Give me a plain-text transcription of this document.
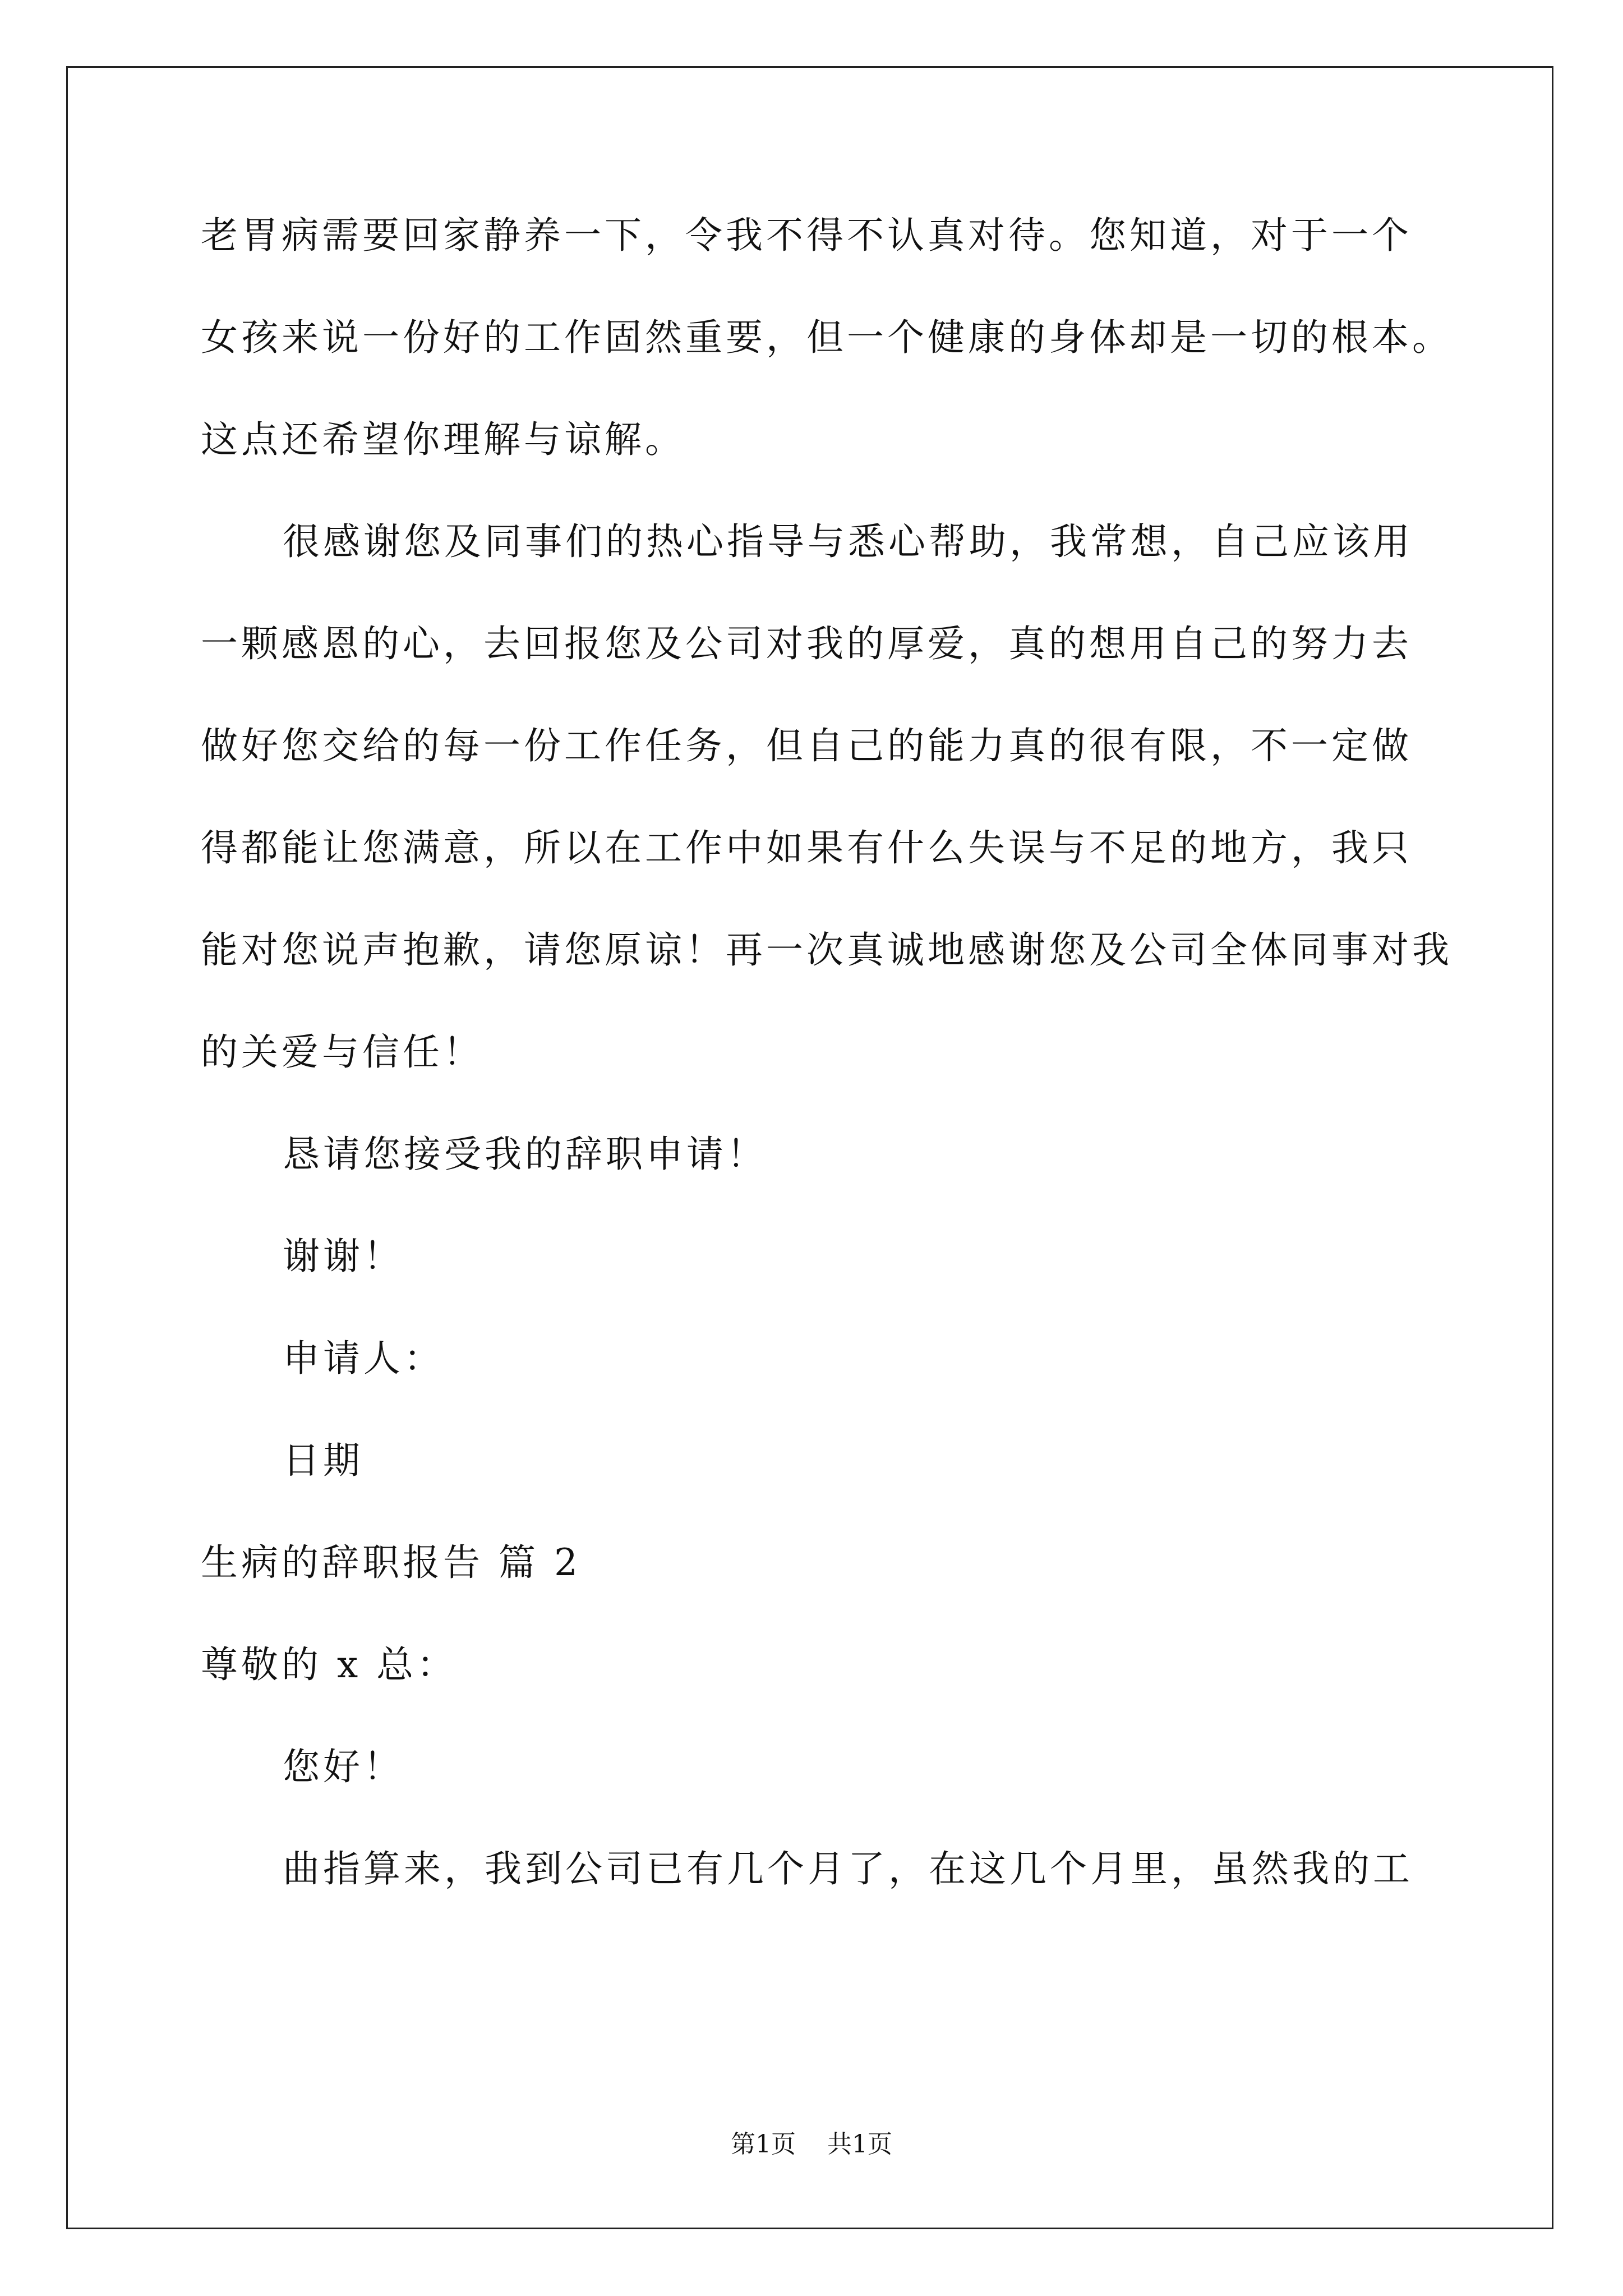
老胃病需要回家静养一下，令我不得不认真对待。您知道，对于一个
女孩来说一份好的工作固然重要，但一个健康的身体却是一切的根本。
这点还希望你理解与谅解。
很感谢您及同事们的热心指导与悉心帮助，我常想，自己应该用
一颗感恩的心，去回报您及公司对我的厚爱，真的想用自己的努力去
做好您交给的每一份工作任务，但自己的能力真的很有限，不一定做
得都能让您满意，所以在工作中如果有什么失误与不足的地方，我只
能对您说声抱歉，请您原谅！再一次真诚地感谢您及公司全体同事对我
的关爱与信任！
恳请您接受我的辞职申请！
谢谢！
申请人：
日期
生病的辞职报告 篇 2
尊敬的 x 总：
您好！
曲指算来，我到公司已有几个月了，在这几个月里，虽然我的工
第1页 共1页
